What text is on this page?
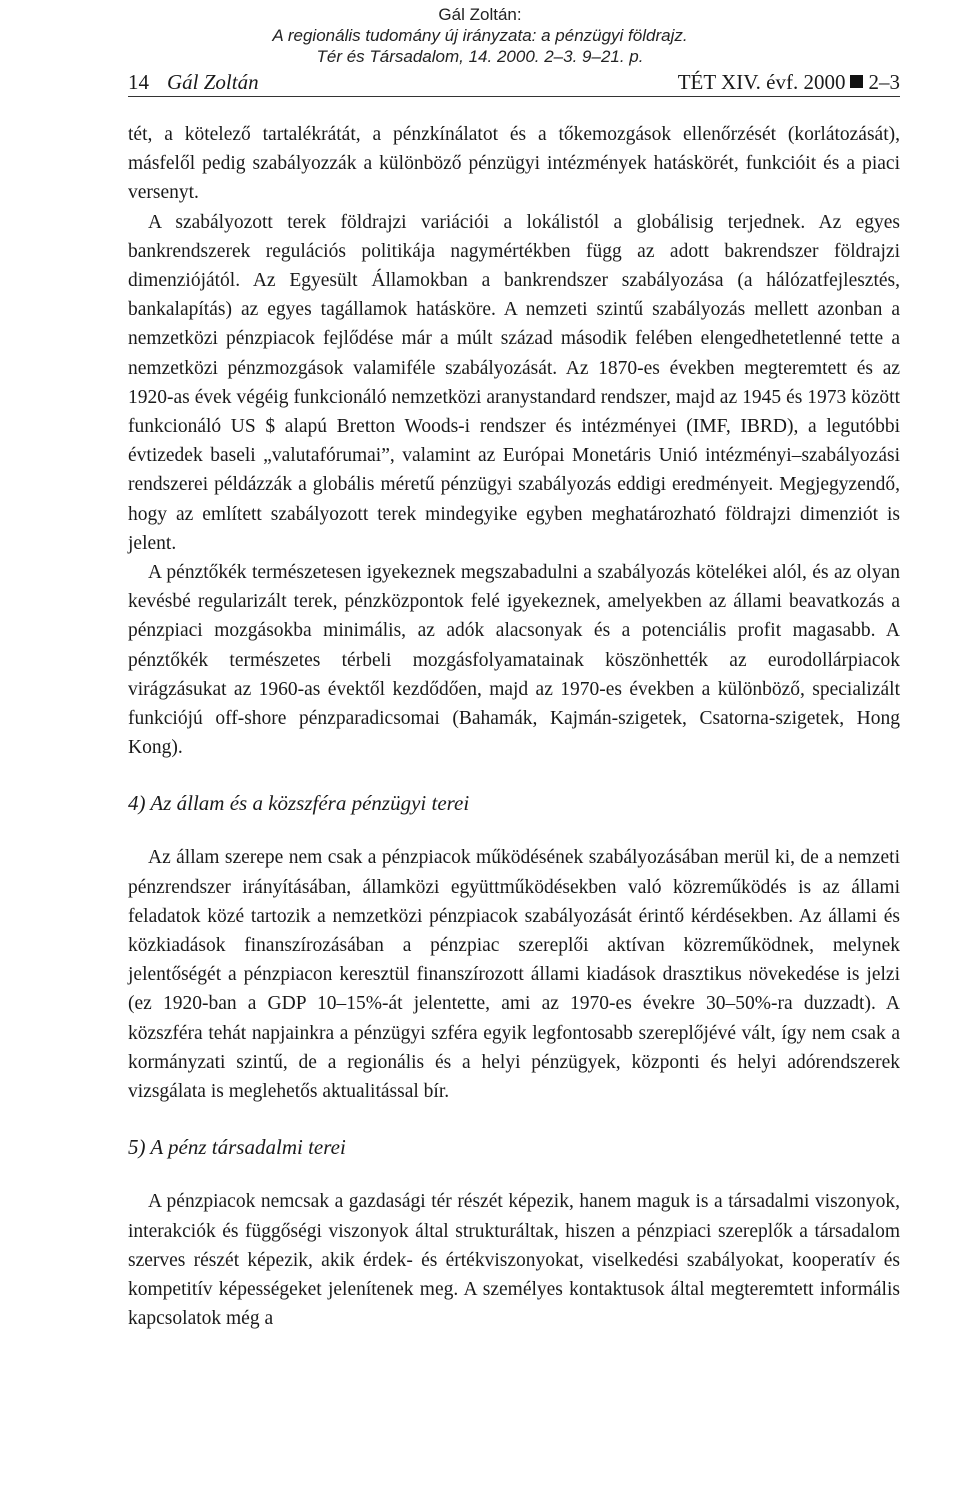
Gál Zoltán:
A regionális tudomány új irányzata: a pénzügyi földrajz.
Tér és Társadalom, 14. 2000. 2–3. 9–21. p.
14 Gál Zoltán	TÉT XIV. évf. 2000 2–3

tét, a kötelező tartalékrátát, a pénzkínálatot és a tőkemozgások ellenőrzését (korlátozását), másfelől pedig szabályozzák a különböző pénzügyi intézmények hatáskörét, funkcióit és a piaci versenyt.

A szabályozott terek földrajzi variációi a lokálistól a globálisig terjednek. Az egyes bankrendszerek regulációs politikája nagymértékben függ az adott bakrendszer földrajzi dimenziójától. Az Egyesült Államokban a bankrendszer szabályozása (a hálózatfejlesztés, bankalapítás) az egyes tagállamok hatásköre. A nemzeti szintű szabályozás mellett azonban a nemzetközi pénzpiacok fejlődése már a múlt század második felében elengedhetetlenné tette a nemzetközi pénzmozgások valamiféle szabályozását. Az 1870-es években megteremtett és az 1920-as évek végéig funkcionáló nemzetközi aranystandard rendszer, majd az 1945 és 1973 között funkcionáló US $ alapú Bretton Woods-i rendszer és intézményei (IMF, IBRD), a legutóbbi évtizedek baseli „valutafórumai”, valamint az Európai Monetáris Unió intézményi–szabályozási rendszerei példázzák a globális méretű pénzügyi szabályozás eddigi eredményeit. Megjegyzendő, hogy az említett szabályozott terek mindegyike egyben meghatározható földrajzi dimenziót is jelent.

A pénztőkék természetesen igyekeznek megszabadulni a szabályozás kötelékei alól, és az olyan kevésbé regularizált terek, pénzközpontok felé igyekeznek, amelyekben az állami beavatkozás a pénzpiaci mozgásokba minimális, az adók alacsonyak és a potenciális profit magasabb. A pénztőkék természetes térbeli mozgásfolyamatainak köszönhették az eurodollárpiacok virágzásukat az 1960-as évektől kezdődően, majd az 1970-es években a különböző, specializált funkciójú off-shore pénzparadicsomai (Bahamák, Kajmán-szigetek, Csatorna-szigetek, Hong Kong).

4) Az állam és a közszféra pénzügyi terei

Az állam szerepe nem csak a pénzpiacok működésének szabályozásában merül ki, de a nemzeti pénzrendszer irányításában, államközi együttműködésekben való közreműködés is az állami feladatok közé tartozik a nemzetközi pénzpiacok szabályozását érintő kérdésekben. Az állami és közkiadások finanszírozásában a pénzpiac szereplői aktívan közreműködnek, melynek jelentőségét a pénzpiacon keresztül finanszírozott állami kiadások drasztikus növekedése is jelzi (ez 1920-ban a GDP 10–15%-át jelentette, ami az 1970-es évekre 30–50%-ra duzzadt). A közszféra tehát napjainkra a pénzügyi szféra egyik legfontosabb szereplőjévé vált, így nem csak a kormányzati szintű, de a regionális és a helyi pénzügyek, központi és helyi adórendszerek vizsgálata is meglehetős aktualitással bír.

5) A pénz társadalmi terei

A pénzpiacok nemcsak a gazdasági tér részét képezik, hanem maguk is a társadalmi viszonyok, interakciók és függőségi viszonyok által strukturáltak, hiszen a pénzpiaci szereplők a társadalom szerves részét képezik, akik érdek- és értékviszonyokat, viselkedési szabályokat, kooperatív és kompetitív képességeket jelenítenek meg. A személyes kontaktusok által megteremtett informális kapcsolatok még a
